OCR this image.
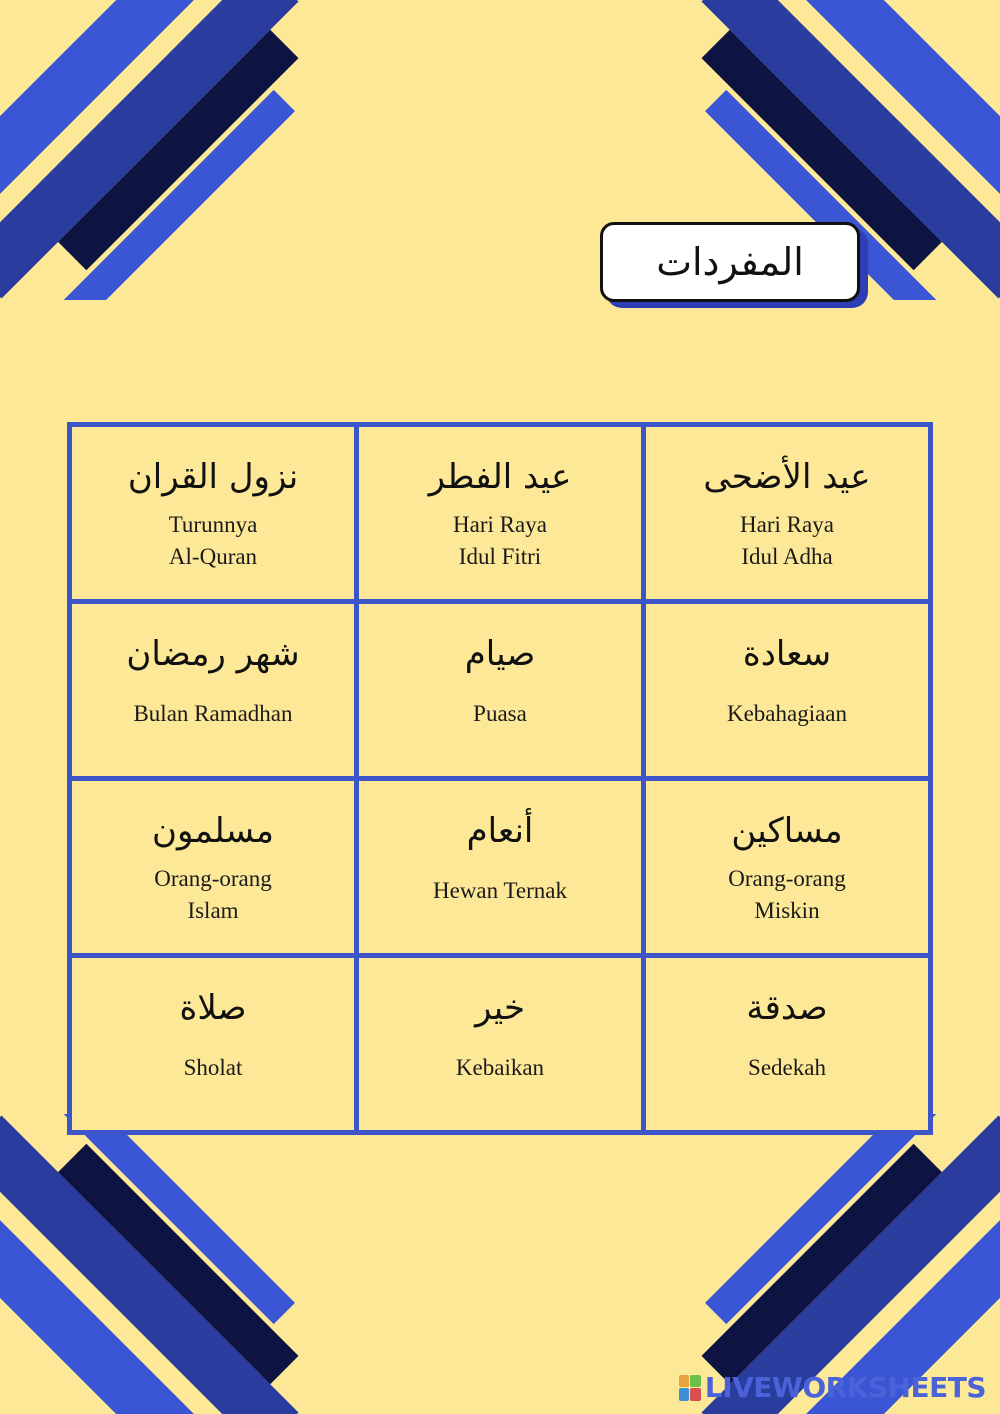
المفردات
نزول القران
Turunnya
Al-Quran
عيد الفطر
Hari Raya
Idul Fitri
عيد الأضحى
Hari Raya
Idul Adha
شهر رمضان
Bulan Ramadhan
صيام
Puasa
سعادة
Kebahagiaan
مسلمون
Orang-orang
Islam
أنعام
Hewan Ternak
مساكين
Orang-orang
Miskin
صلاة
Sholat
خير
Kebaikan
صدقة
Sedekah
LIVEWORKSHEETS
